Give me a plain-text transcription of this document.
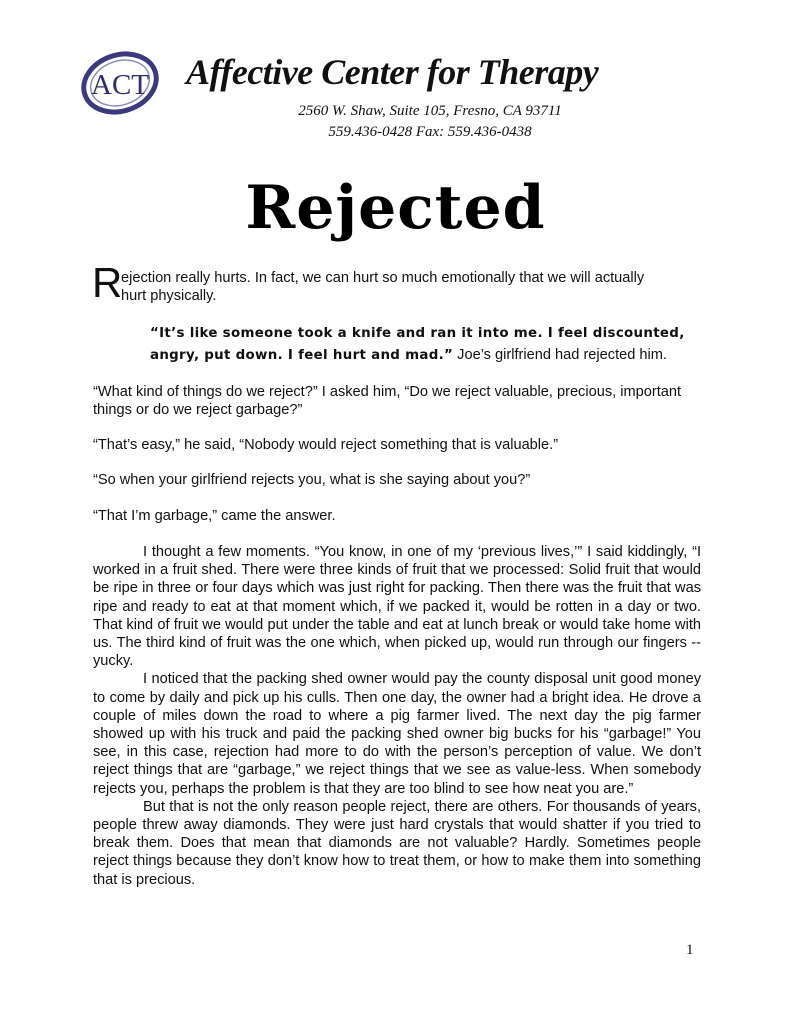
ACT Affective Center for Therapy
2560 W. Shaw, Suite 105, Fresno, CA 93711
559.436-0428 Fax: 559.436-0438
Rejected
R
ejection really hurts. In fact, we can hurt so much emotionally that we will actually
hurt physically.
“It’s like someone took a knife and ran it into me. I feel discounted,
angry, put down. I feel hurt and mad.” Joe’s girlfriend had rejected him.
“What kind of things do we reject?” I asked him, “Do we reject valuable, precious, important things or do we reject garbage?”
“That’s easy,” he said, “Nobody would reject something that is valuable.”
“So when your girlfriend rejects you, what is she saying about you?”
“That I’m garbage,” came the answer.
I thought a few moments. “You know, in one of my ‘previous lives,’” I said kiddingly, “I worked in a fruit shed. There were three kinds of fruit that we processed: Solid fruit that would be ripe in three or four days which was just right for packing. Then there was the fruit that was ripe and ready to eat at that moment which, if we packed it, would be rotten in a day or two. That kind of fruit we would put under the table and eat at lunch break or would take home with us. The third kind of fruit was the one which, when picked up, would run through our fingers -- yucky.
I noticed that the packing shed owner would pay the county disposal unit good money to come by daily and pick up his culls. Then one day, the owner had a bright idea. He drove a couple of miles down the road to where a pig farmer lived. The next day the pig farmer showed up with his truck and paid the packing shed owner big bucks for his “garbage!” You see, in this case, rejection had more to do with the person’s perception of value. We don’t reject things that are “garbage,” we reject things that we see as value-less. When somebody rejects you, perhaps the problem is that they are too blind to see how neat you are.”
But that is not the only reason people reject, there are others. For thousands of years, people threw away diamonds. They were just hard crystals that would shatter if you tried to break them. Does that mean that diamonds are not valuable? Hardly. Sometimes people reject things because they don’t know how to treat them, or how to make them into something that is precious.
1
